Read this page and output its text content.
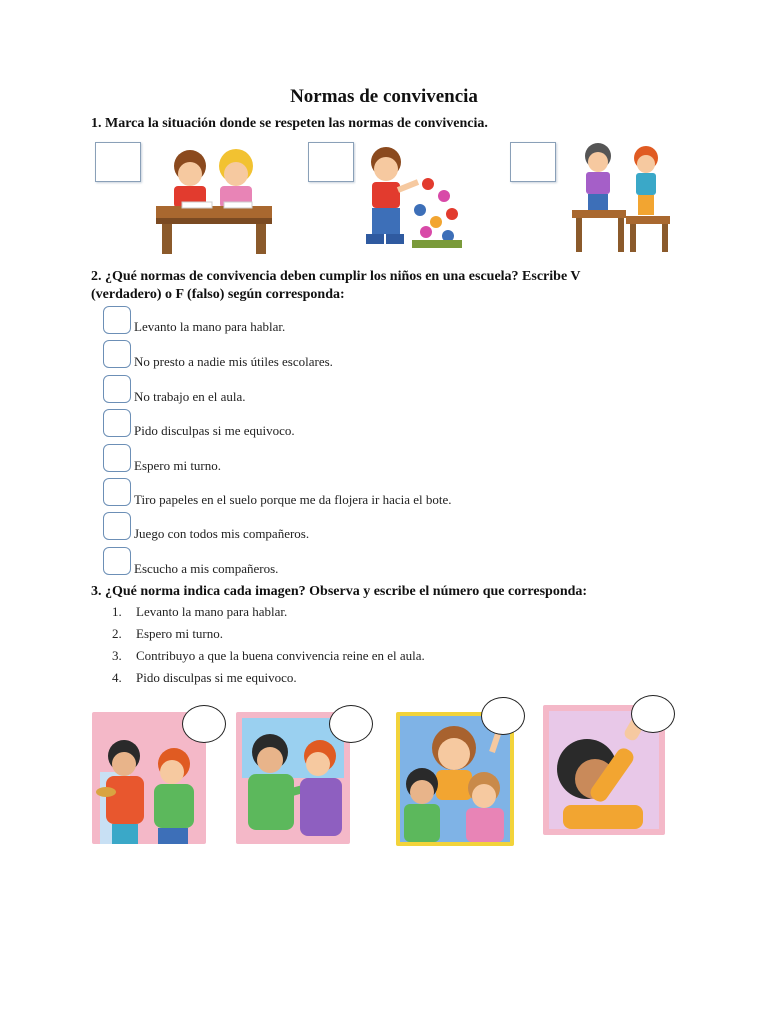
Normas de convivencia
1. Marca la situación donde se respeten las normas de convivencia.
2. ¿Qué normas de convivencia deben cumplir los niños en una escuela? Escribe V (verdadero) o F (falso) según corresponda:
Levanto la mano para hablar.
No presto a nadie mis útiles escolares.
No trabajo en el aula.
Pido disculpas si me equivoco.
Espero mi turno.
Tiro papeles en el suelo porque me da flojera ir hacia el bote.
Juego con todos mis compañeros.
Escucho a mis compañeros.
3. ¿Qué norma indica cada imagen? Observa y escribe el número que corresponda:
1. Levanto la mano para hablar.
2. Espero mi turno.
3. Contribuyo a que la buena convivencia reine en el aula.
4. Pido disculpas si me equivoco.
